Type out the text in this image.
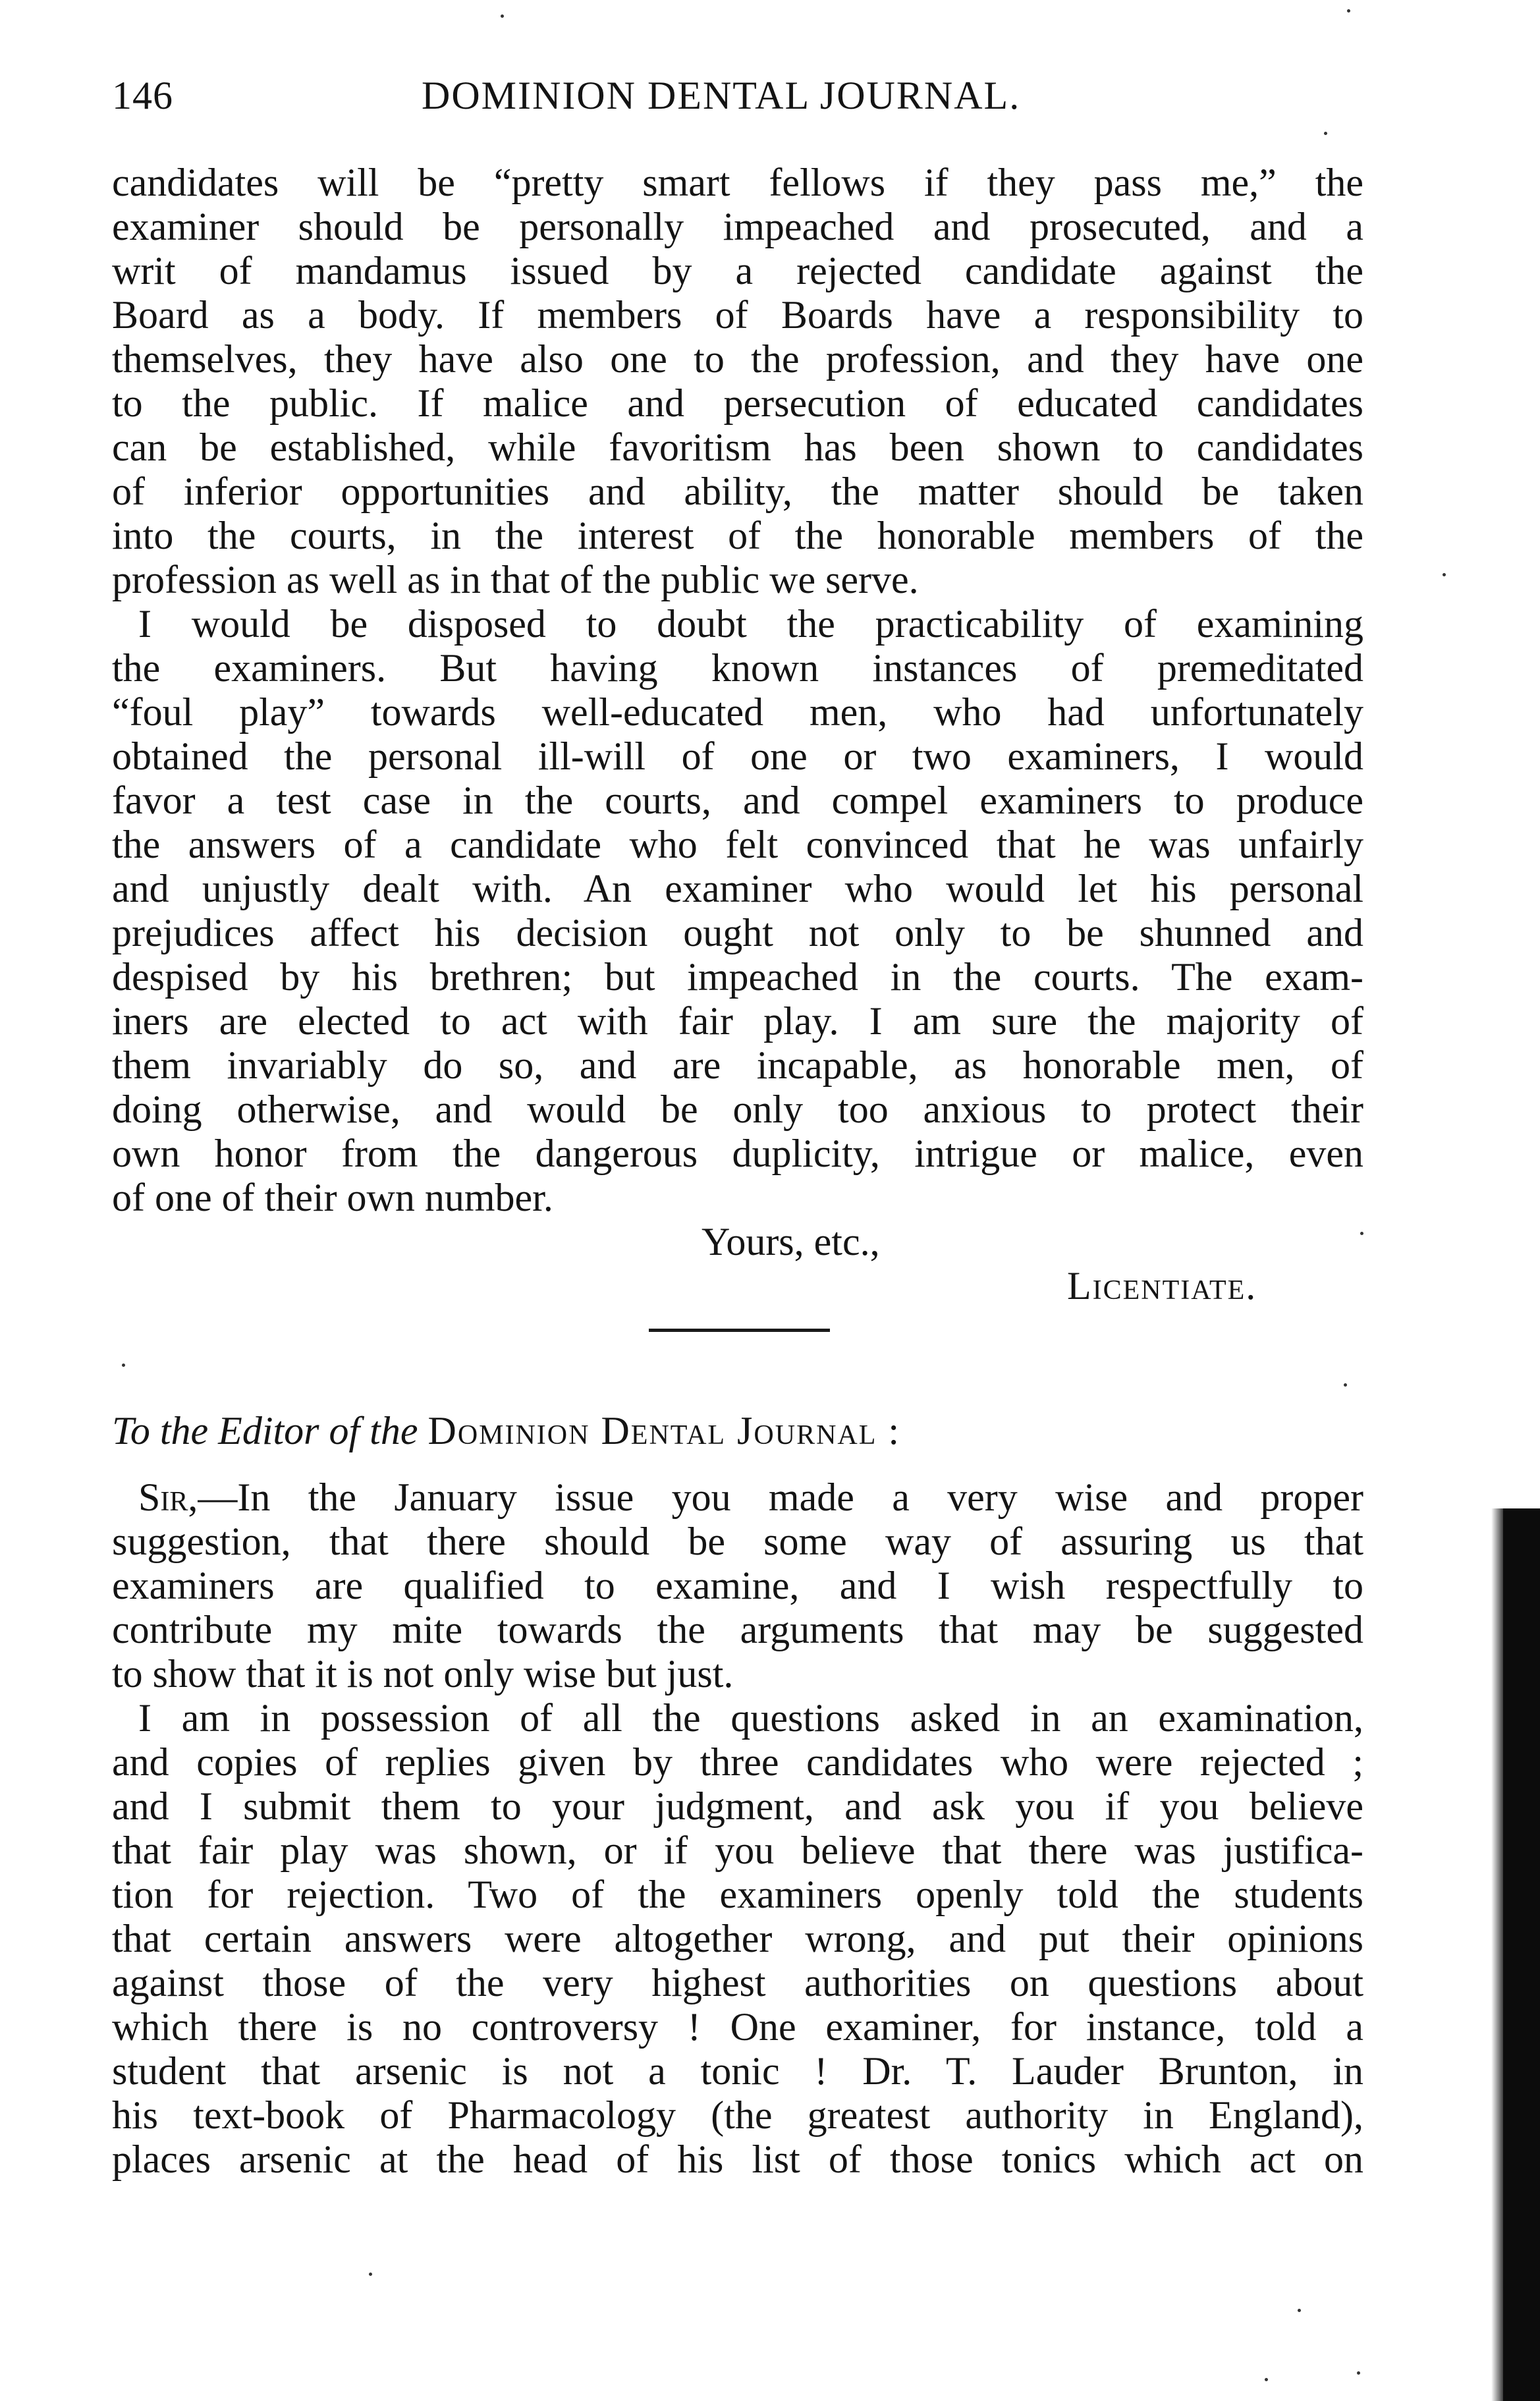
146	DOMINION DENTAL JOURNAL.
candidates will be “pretty smart fellows if they pass me,” the
examiner should be personally impeached and prosecuted, and a
writ of mandamus issued by a rejected candidate against the
Board as a body. If members of Boards have a responsibility to
themselves, they have also one to the profession, and they have one
to the public. If malice and persecution of educated candidates
can be established, while favoritism has been shown to candidates
of inferior opportunities and ability, the matter should be taken
into the courts, in the interest of the honorable members of the
profession as well as in that of the public we serve.
I would be disposed to doubt the practicability of examining
the examiners. But having known instances of premeditated
“foul play” towards well-educated men, who had unfortunately
obtained the personal ill-will of one or two examiners, I would
favor a test case in the courts, and compel examiners to produce
the answers of a candidate who felt convinced that he was unfairly
and unjustly dealt with. An examiner who would let his personal
prejudices affect his decision ought not only to be shunned and
despised by his brethren; but impeached in the courts. The exam-
iners are elected to act with fair play. I am sure the majority of
them invariably do so, and are incapable, as honorable men, of
doing otherwise, and would be only too anxious to protect their
own honor from the dangerous duplicity, intrigue or malice, even
of one of their own number.
Yours, etc.,
Licentiate.
To the Editor of the Dominion Dental Journal :
Sir,—In the January issue you made a very wise and proper
suggestion, that there should be some way of assuring us that
examiners are qualified to examine, and I wish respectfully to
contribute my mite towards the arguments that may be suggested
to show that it is not only wise but just.
I am in possession of all the questions asked in an examination,
and copies of replies given by three candidates who were rejected ;
and I submit them to your judgment, and ask you if you believe
that fair play was shown, or if you believe that there was justifica-
tion for rejection. Two of the examiners openly told the students
that certain answers were altogether wrong, and put their opinions
against those of the very highest authorities on questions about
which there is no controversy ! One examiner, for instance, told a
student that arsenic is not a tonic ! Dr. T. Lauder Brunton, in
his text-book of Pharmacology (the greatest authority in England),
places arsenic at the head of his list of those tonics which act on
